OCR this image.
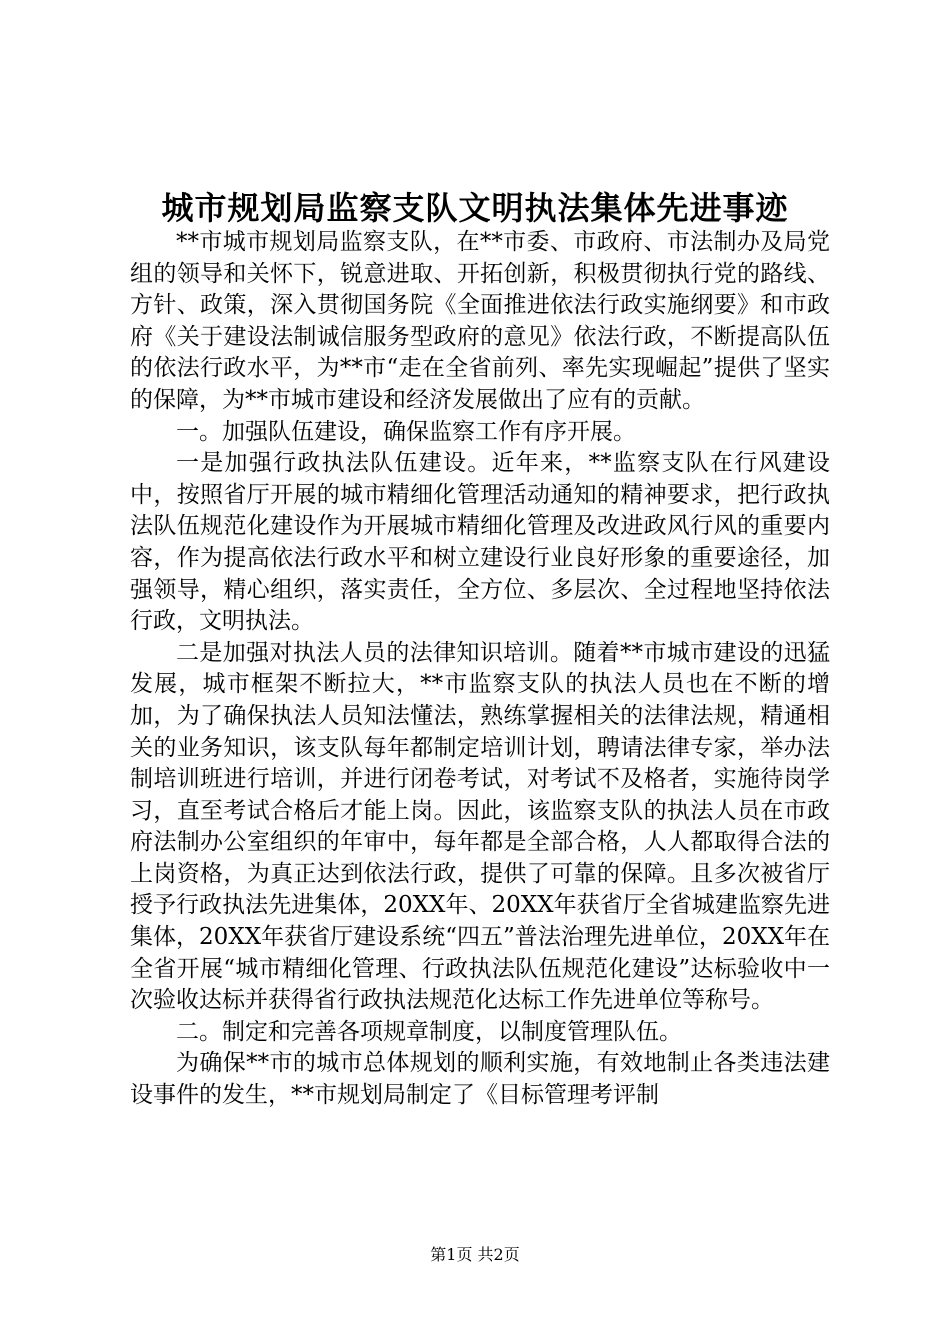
城市规划局监察支队文明执法集体先进事迹

**市城市规划局监察支队，在**市委、市政府、市法制办及局党组的领导和关怀下，锐意进取、开拓创新，积极贯彻执行党的路线、方针、政策，深入贯彻国务院《全面推进依法行政实施纲要》和市政府《关于建设法制诚信服务型政府的意见》依法行政，不断提高队伍的依法行政水平，为**市“走在全省前列、率先实现崛起”提供了坚实的保障，为**市城市建设和经济发展做出了应有的贡献。

一。加强队伍建设，确保监察工作有序开展。

一是加强行政执法队伍建设。近年来，**监察支队在行风建设中，按照省厅开展的城市精细化管理活动通知的精神要求，把行政执法队伍规范化建设作为开展城市精细化管理及改进政风行风的重要内容，作为提高依法行政水平和树立建设行业良好形象的重要途径，加强领导，精心组织，落实责任，全方位、多层次、全过程地坚持依法行政，文明执法。

二是加强对执法人员的法律知识培训。随着**市城市建设的迅猛发展，城市框架不断拉大，**市监察支队的执法人员也在不断的增加，为了确保执法人员知法懂法，熟练掌握相关的法律法规，精通相关的业务知识，该支队每年都制定培训计划，聘请法律专家，举办法制培训班进行培训，并进行闭卷考试，对考试不及格者，实施待岗学习，直至考试合格后才能上岗。因此，该监察支队的执法人员在市政府法制办公室组织的年审中，每年都是全部合格，人人都取得合法的上岗资格，为真正达到依法行政，提供了可靠的保障。且多次被省厅授予行政执法先进集体，20XX年、20XX年获省厅全省城建监察先进集体，20XX年获省厅建设系统“四五”普法治理先进单位，20XX年在全省开展“城市精细化管理、行政执法队伍规范化建设”达标验收中一次验收达标并获得省行政执法规范化达标工作先进单位等称号。

二。制定和完善各项规章制度，以制度管理队伍。

为确保**市的城市总体规划的顺利实施，有效地制止各类违法建设事件的发生，**市规划局制定了《目标管理考评制

第1页 共2页
